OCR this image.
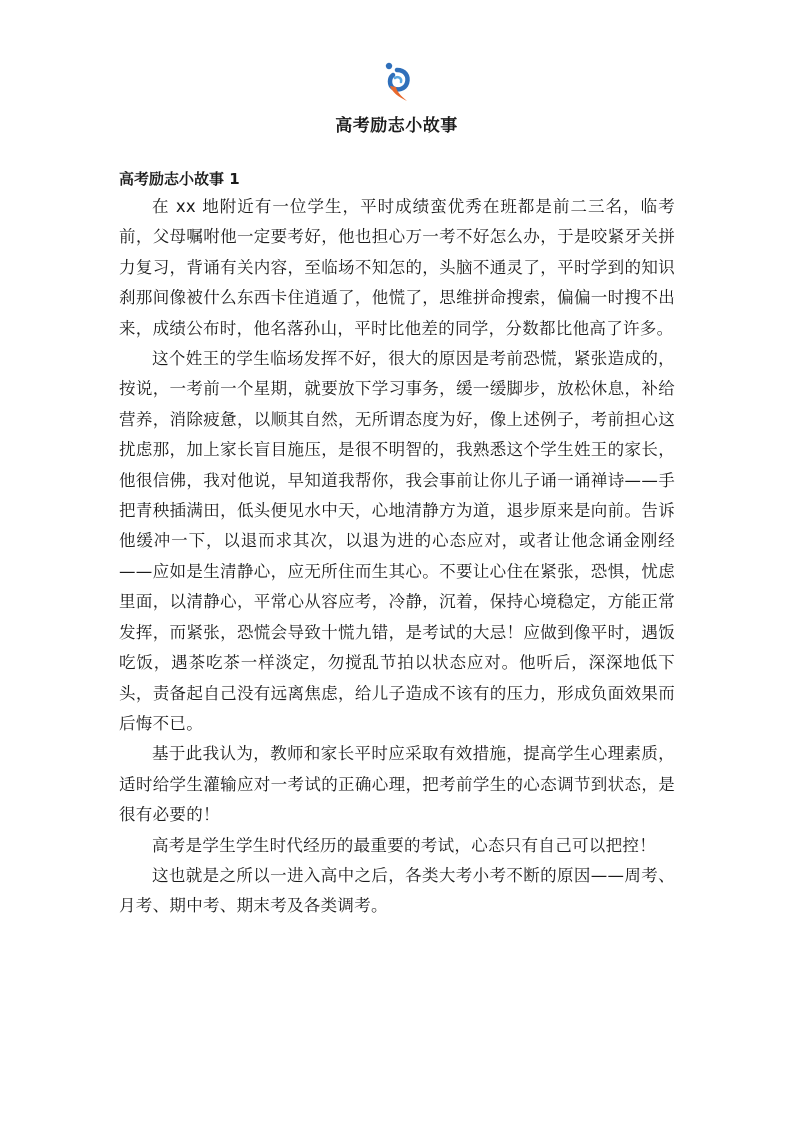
高考励志小故事

高考励志小故事 1

在 xx 地附近有一位学生，平时成绩蛮优秀在班都是前二三名，临考前，父母嘱咐他一定要考好，他也担心万一考不好怎么办，于是咬紧牙关拼力复习，背诵有关内容，至临场不知怎的，头脑不通灵了，平时学到的知识刹那间像被什么东西卡住逍遁了，他慌了，思维拼命搜索，偏偏一时搜不出来，成绩公布时，他名落孙山，平时比他差的同学，分数都比他高了许多。

这个姓王的学生临场发挥不好，很大的原因是考前恐慌，紧张造成的，按说，一考前一个星期，就要放下学习事务，缓一缓脚步，放松休息，补给营养，消除疲惫，以顺其自然，无所谓态度为好，像上述例子，考前担心这扰虑那，加上家长盲目施压，是很不明智的，我熟悉这个学生姓王的家长，他很信佛，我对他说，早知道我帮你，我会事前让你儿子诵一诵禅诗——手把青秧插满田，低头便见水中天，心地清静方为道，退步原来是向前。告诉他缓冲一下，以退而求其次，以退为进的心态应对，或者让他念诵金刚经——应如是生清静心，应无所住而生其心。不要让心住在紧张，恐惧，忧虑里面，以清静心，平常心从容应考，冷静，沉着，保持心境稳定，方能正常发挥，而紧张，恐慌会导致十慌九错，是考试的大忌！应做到像平时，遇饭吃饭，遇茶吃茶一样淡定，勿搅乱节拍以状态应对。他听后，深深地低下头，责备起自己没有远离焦虑，给儿子造成不该有的压力，形成负面效果而后悔不已。

基于此我认为，教师和家长平时应采取有效措施，提高学生心理素质，适时给学生灌输应对一考试的正确心理，把考前学生的心态调节到状态，是很有必要的！

高考是学生学生时代经历的最重要的考试，心态只有自己可以把控！

这也就是之所以一进入高中之后，各类大考小考不断的原因——周考、月考、期中考、期末考及各类调考。
